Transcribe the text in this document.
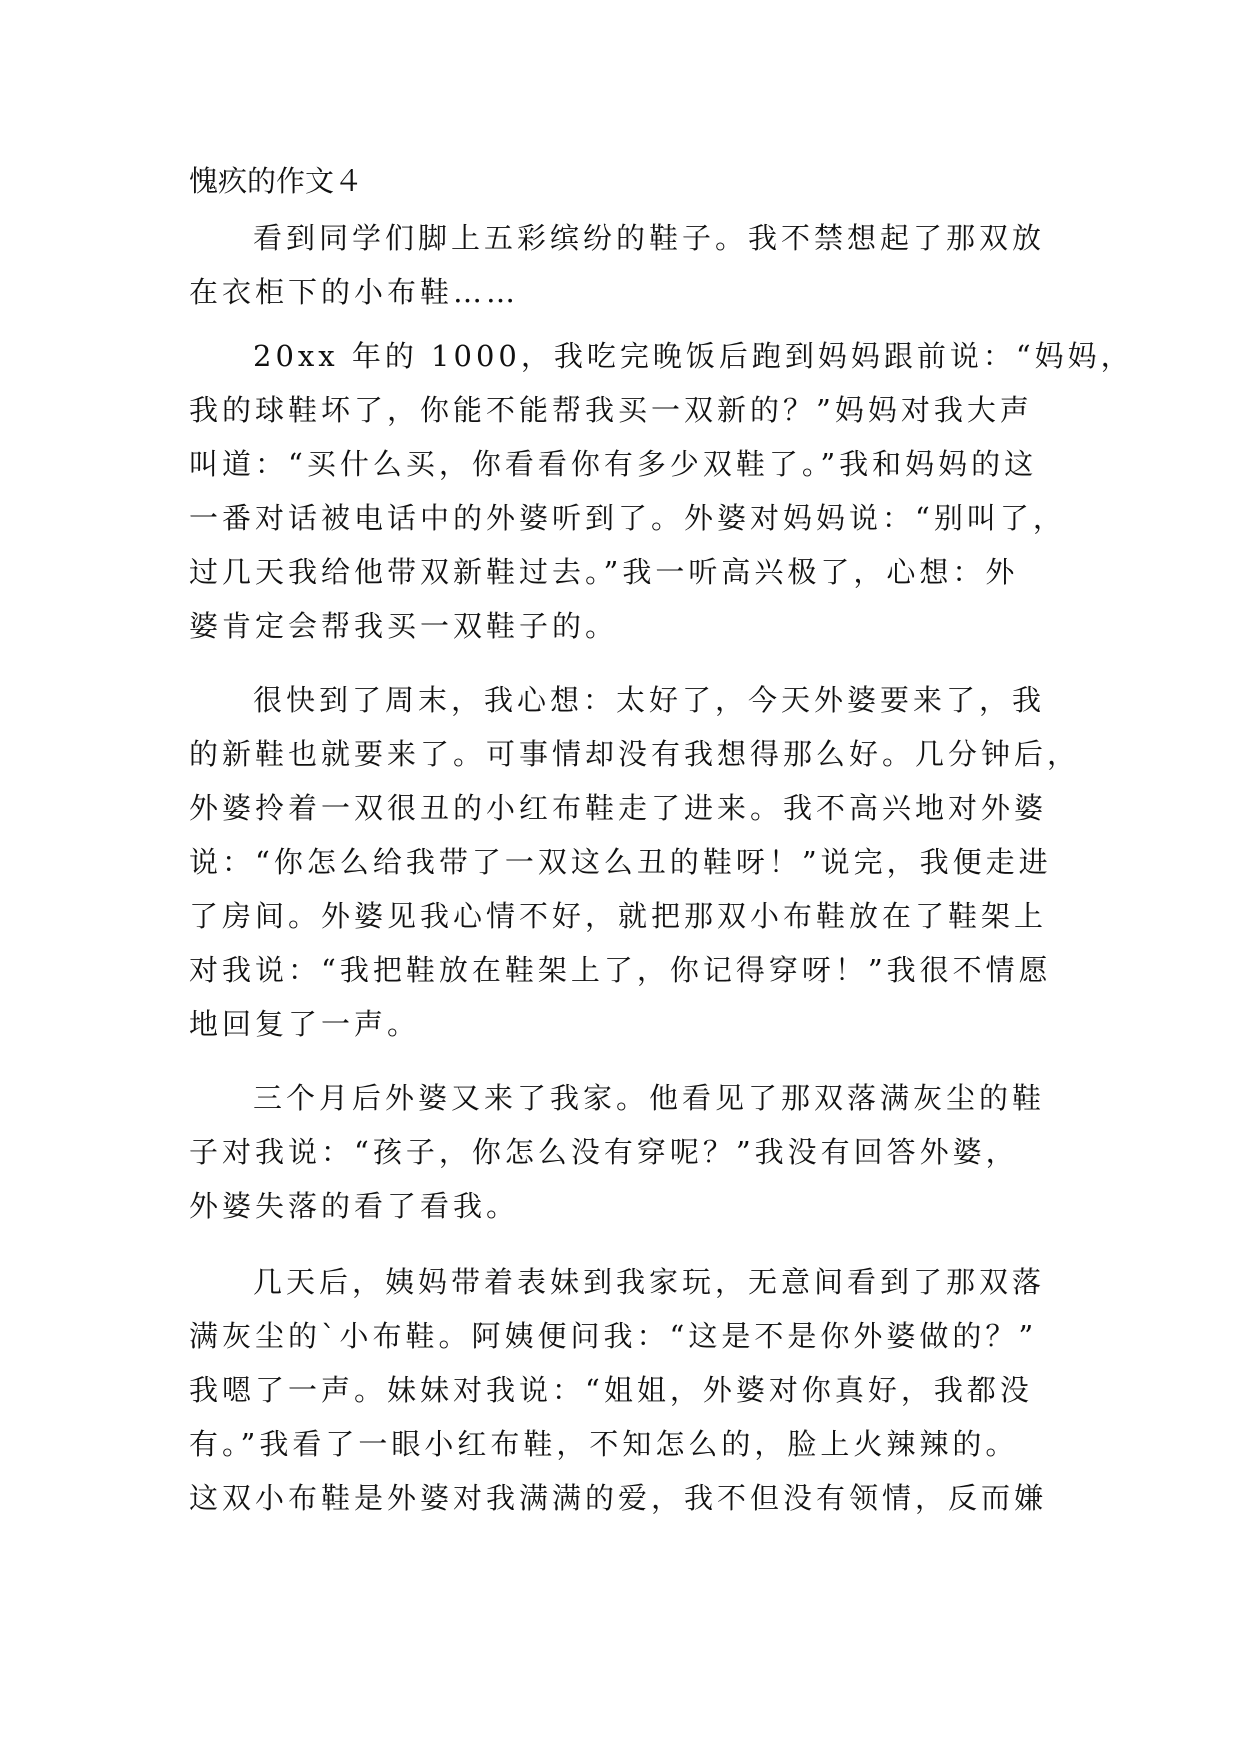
愧疚的作文４
看到同学们脚上五彩缤纷的鞋子。我不禁想起了那双放
在衣柜下的小布鞋……
20xx 年的 1000，我吃完晚饭后跑到妈妈跟前说：“妈妈，
我的球鞋坏了，你能不能帮我买一双新的？”妈妈对我大声
叫道：“买什么买，你看看你有多少双鞋了。”我和妈妈的这
一番对话被电话中的外婆听到了。外婆对妈妈说：“别叫了，
过几天我给他带双新鞋过去。”我一听高兴极了，心想：外
婆肯定会帮我买一双鞋子的。
很快到了周末，我心想：太好了，今天外婆要来了，我
的新鞋也就要来了。可事情却没有我想得那么好。几分钟后，
外婆拎着一双很丑的小红布鞋走了进来。我不高兴地对外婆
说：“你怎么给我带了一双这么丑的鞋呀！”说完，我便走进
了房间。外婆见我心情不好，就把那双小布鞋放在了鞋架上
对我说：“我把鞋放在鞋架上了，你记得穿呀！”我很不情愿
地回复了一声。
三个月后外婆又来了我家。他看见了那双落满灰尘的鞋
子对我说：“孩子，你怎么没有穿呢？”我没有回答外婆，
外婆失落的看了看我。
几天后，姨妈带着表妹到我家玩，无意间看到了那双落
满灰尘的`小布鞋。阿姨便问我：“这是不是你外婆做的？”
我嗯了一声。妹妹对我说：“姐姐，外婆对你真好，我都没
有。”我看了一眼小红布鞋，不知怎么的，脸上火辣辣的。
这双小布鞋是外婆对我满满的爱，我不但没有领情，反而嫌
